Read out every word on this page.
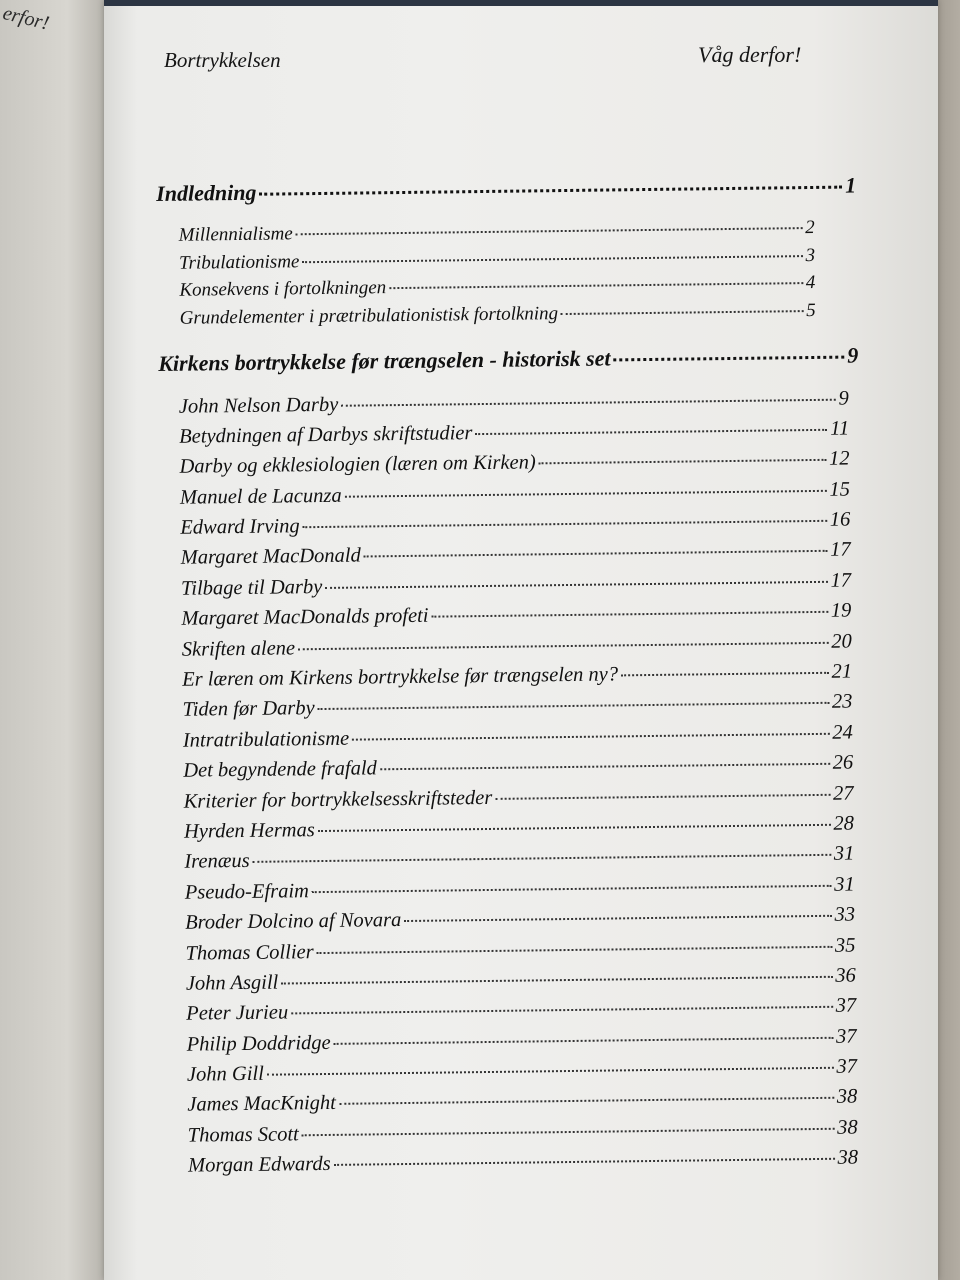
erfor!
Bortrykkelsen	Våg derfor!
Indledning	1
Millennialisme	2
Tribulationisme	3
Konsekvens i fortolkningen	4
Grundelementer i prætribulationistisk fortolkning	5
Kirkens bortrykkelse før trængselen - historisk set	9
John Nelson Darby	9
Betydningen af Darbys skriftstudier	11
Darby og ekklesiologien (læren om Kirken)	12
Manuel de Lacunza	15
Edward Irving	16
Margaret MacDonald	17
Tilbage til Darby	17
Margaret MacDonalds profeti	19
Skriften alene	20
Er læren om Kirkens bortrykkelse før trængselen ny?	21
Tiden før Darby	23
Intratribulationisme	24
Det begyndende frafald	26
Kriterier for bortrykkelsesskriftsteder	27
Hyrden Hermas	28
Irenæus	31
Pseudo-Efraim	31
Broder Dolcino af Novara	33
Thomas Collier	35
John Asgill	36
Peter Jurieu	37
Philip Doddridge	37
John Gill	37
James MacKnight	38
Thomas Scott	38
Morgan Edwards	38
